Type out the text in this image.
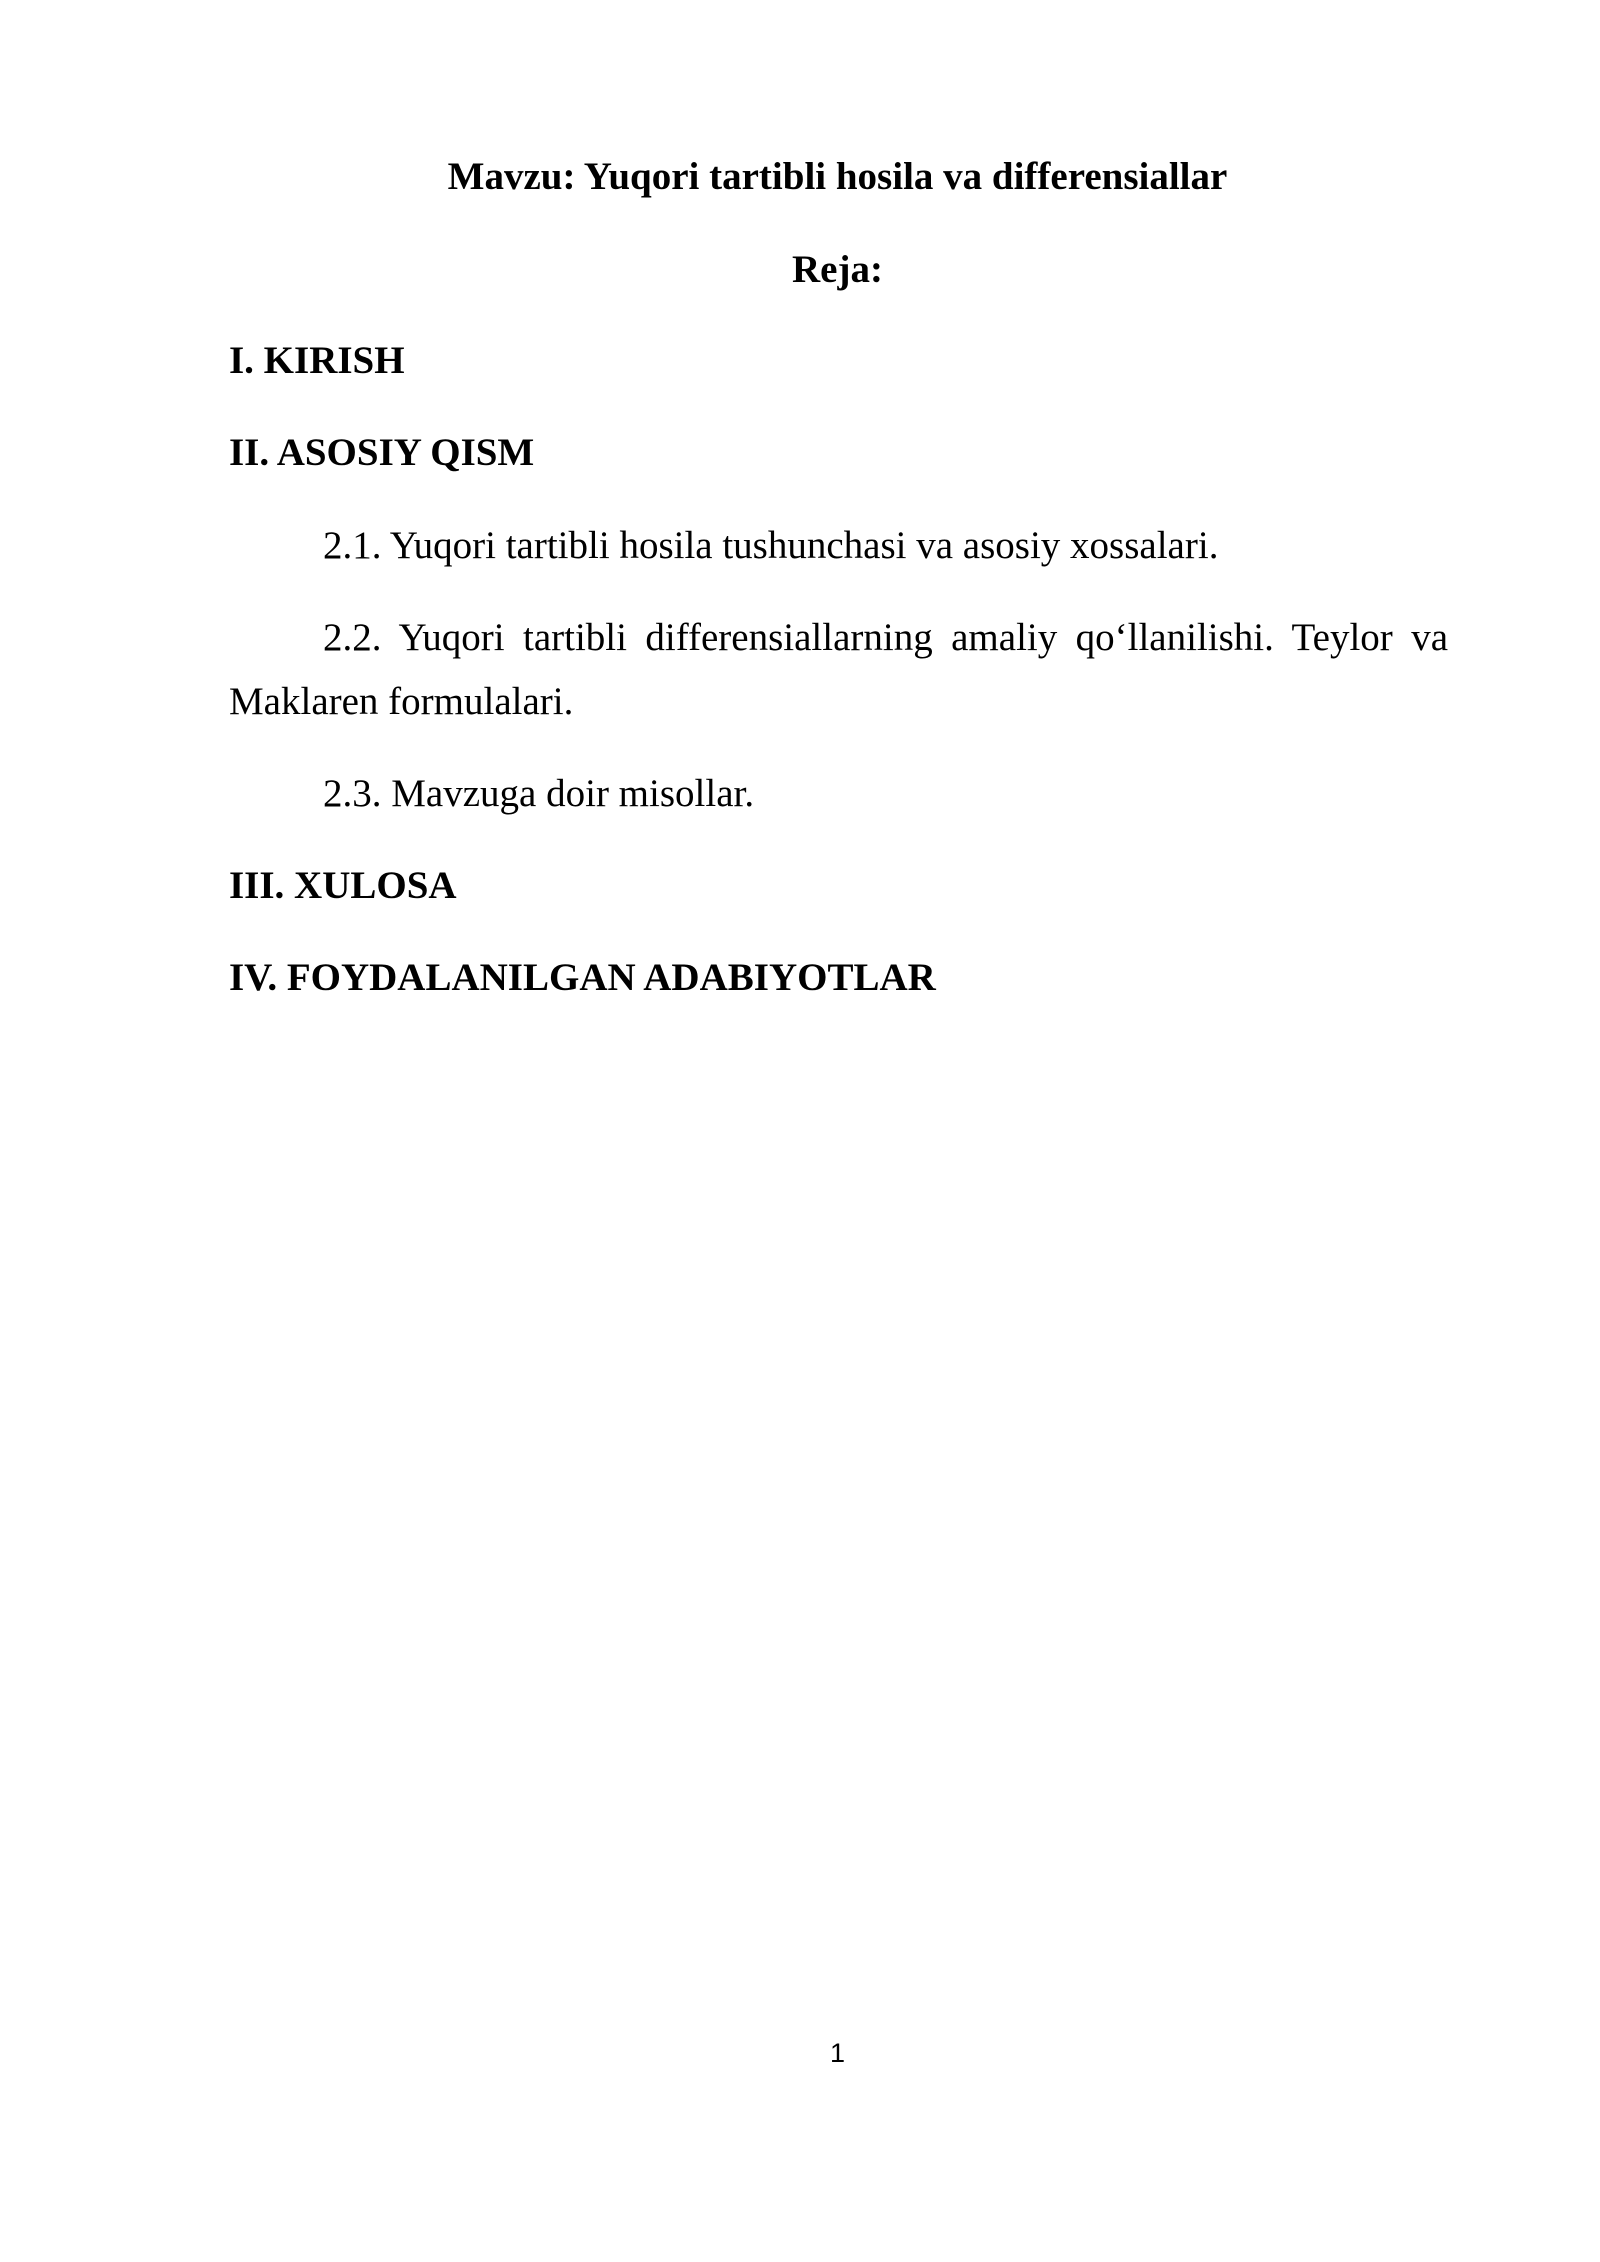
Mavzu: Yuqori tartibli hosila va differensiallar
Reja:
I. KIRISH
II. ASOSIY QISM
2.1. Yuqori tartibli hosila tushunchasi va asosiy xossalari.
2.2. Yuqori tartibli differensiallarning amaliy qo‘llanilishi. Teylor va
Maklaren formulalari.
2.3. Mavzuga doir misollar.
III. XULOSA
IV. FOYDALANILGAN ADABIYOTLAR
1
